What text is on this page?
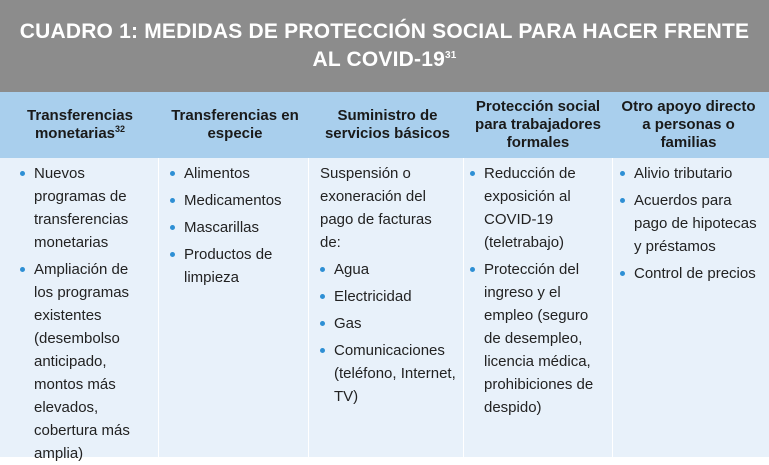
CUADRO 1: MEDIDAS DE PROTECCIÓN SOCIAL PARA HACER FRENTE
AL COVID-$19^{31}$
Transferencias monetarias$^{32}$
Transferencias en especie
Suministro de servicios básicos
Protección social para trabajadores formales
Otro apoyo directo a personas o familias
Nuevos programas de transferencias monetarias
Ampliación de los programas existentes (desembolso anticipado, montos más elevados, cobertura más amplia)
Alimentos
Medicamentos
Mascarillas
Productos de limpieza
Suspensión o exoneración del pago de facturas de:
Agua
Electricidad
Gas
Comunicaciones (teléfono, Internet, TV)
Reducción de exposición al COVID-19 (teletrabajo)
Protección del ingreso y el empleo (seguro de desempleo, licencia médica, prohibiciones de despido)
Alivio tributario
Acuerdos para pago de hipotecas y préstamos
Control de precios
